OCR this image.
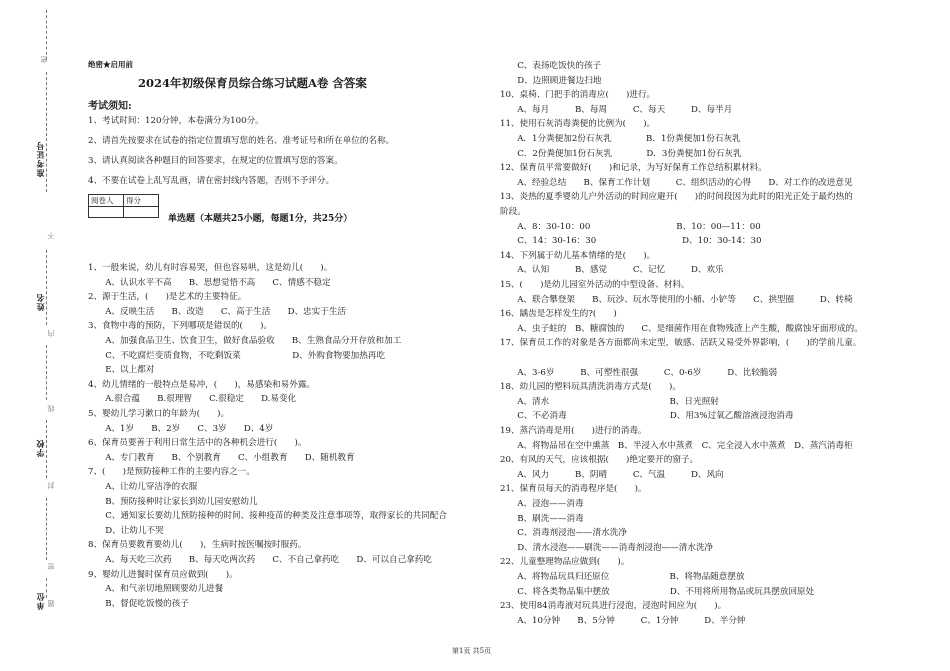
密
准考证号
不
姓名
内
线
学校
封
密
单位 题
绝密★启用前
2024年初级保育员综合练习试题A卷 含答案
考试须知:
1、考试时间：120分钟，本卷满分为100分。
2、请首先按要求在试卷的指定位置填写您的姓名、准考证号和所在单位的名称。
3、请认真阅读各种题目的回答要求，在规定的位置填写您的答案。
4、不要在试卷上乱写乱画，请在密封线内答题，否则不予评分。
阅卷人	得分

单选题（本题共25小题，每题1分，共25分）
1、一般来说，幼儿有时容易哭，但也容易哄，这是幼儿(　　)。
　　A、认识水平不高　　B、思想觉悟不高　　C、情感不稳定
2、源于生活，(　　)是艺术的主要特征。
　　A、反映生活　　B、改造　　C、高于生活　　D、忠实于生活
3、食物中毒的预防，下列哪项是错误的(　　)。
　　A、加强食品卫生、饮食卫生，做好食品验收　　B、生熟食品分开存放和加工
　　C、不吃腐烂变质食物，不吃剩饭菜　　　　　　D、外购食物要加热再吃
　　E、以上都对
4、幼儿情绪的一般特点是易冲，(　　)，易感染和易外露。
　　A.很合蕴　　B.很理智　　C.很稳定　　D.易变化
5、婴幼儿学习漱口的年龄为(　　)。
　　A、1岁　　B、2岁　　C、3岁　　D、4岁
6、保育员要善于利用日常生活中的各种机会进行(　　)。
　　A、专门教育　　B、个别教育　　C、小组教育　　D、随机教育
7、(　　)是预防接种工作的主要内容之一。
　　A、让幼儿穿洁净的衣服
　　B、预防接种时让家长到幼儿园安慰幼儿
　　C、通知家长要幼儿预防接种的时间、接种疫苗的种类及注意事项等，取得家长的共同配合
　　D、让幼儿不哭
8、保育员要教育要幼儿(　　)，生病时按医嘱按时服药。
　　A、每天吃三次药　　B、每天吃两次药　　C、不自己拿药吃　　D、可以自己拿药吃
9、婴幼儿进餐时保育员应做到(　　)。
　　A、和气亲切地照顾要幼儿进餐
　　B、督促吃饭慢的孩子
　　C、表扬吃饭快的孩子
　　D、边照顾进餐边扫地
10、桌椅、门把手的消毒应(　　)进行。
　　A、每月　　　B、每周　　　C、每天　　　D、每半月
11、使用石灰消毒粪便的比例为(　　)。
　　A．1分粪便加2份石灰乳　　　　B．1份粪便加1份石灰乳
　　C．2份粪便加1份石灰乳　　　　D．3份粪便加1份石灰乳
12、保育员平常要做好(　　)和记录，为写好保育工作总结积累材料。
　　A、经验总结　　B、保育工作计划　　　C、组织活动的心得　　D、对工作的改进意见
13、炎热的夏季婴幼儿户外活动的时间应避开(　　)的时间段因为此时的阳光正处于最灼热的
阶段。
　　A、8：30-10：00　　　　　　　　　　B、10：00—11：00
　　C、14：30-16：30　　　　　　　　　　D、10：30-14：30
14、下列属于幼儿基本情绪的是(　　)。
　　A、认知　　　B、感觉　　　C、记忆　　　D、欢乐
15、(　　)是幼儿园室外活动的中型设备、材料。
　　A、联合攀登架　　B、玩沙、玩水等使用的小桶、小铲等　　C、拱型圈　　　D、转椅
16、龋齿是怎样发生的?(　　)
　　A、虫子蛀的　B、糖腐蚀的　　C、是细菌作用在食物残渣上产生酸，酸腐蚀牙面形成的。
17、保育员工作的对象是各方面都尚未定型，敏感、活跃又易受外界影响，(　　)的学前儿童。
　　A、3-6岁　　　B、可塑性很强　　　C、0-6岁　　　D、比较脆弱
18、幼儿园的塑料玩具清洗消毒方式是(　　)。
　　A、清水　　　　　　　　　　　　　　B、日光照射
　　C、不必消毒　　　　　　　　　　　　D、用3%过氧乙酸溶液浸泡消毒
19、蒸汽消毒是用(　　)进行的消毒。
　　A、将物品吊在空中熏蒸　B、半浸入水中蒸煮　C、完全浸入水中蒸煮　D、蒸汽消毒柜
20、有风的天气，应该根据(　　)绝定要开的窗子。
　　A、风力　　　B、阴晴　　　C、气温　　　D、风向
21、保育员每天的消毒程序是(　　)。
　　A、浸泡——消毒
　　B、刷洗——消毒
　　C、消毒剂浸泡——清水洗净
　　D、清水浸泡——刷洗——消毒剂浸泡——清水洗净
22、儿童整理物品应做到(　　)。
　　A、将物品玩具归还原位　　　　　　　B、将物品随意摆放
　　C、将各类物品集中摆放　　　　　　　D、不用将所用物品或玩具摆放回原处
23、使用84消毒液对玩具进行浸泡，浸泡时间应为(　　)。
　　A、10分钟　　B、5分钟　　　C、1分钟　　　D、半分钟
第1页 共5页
